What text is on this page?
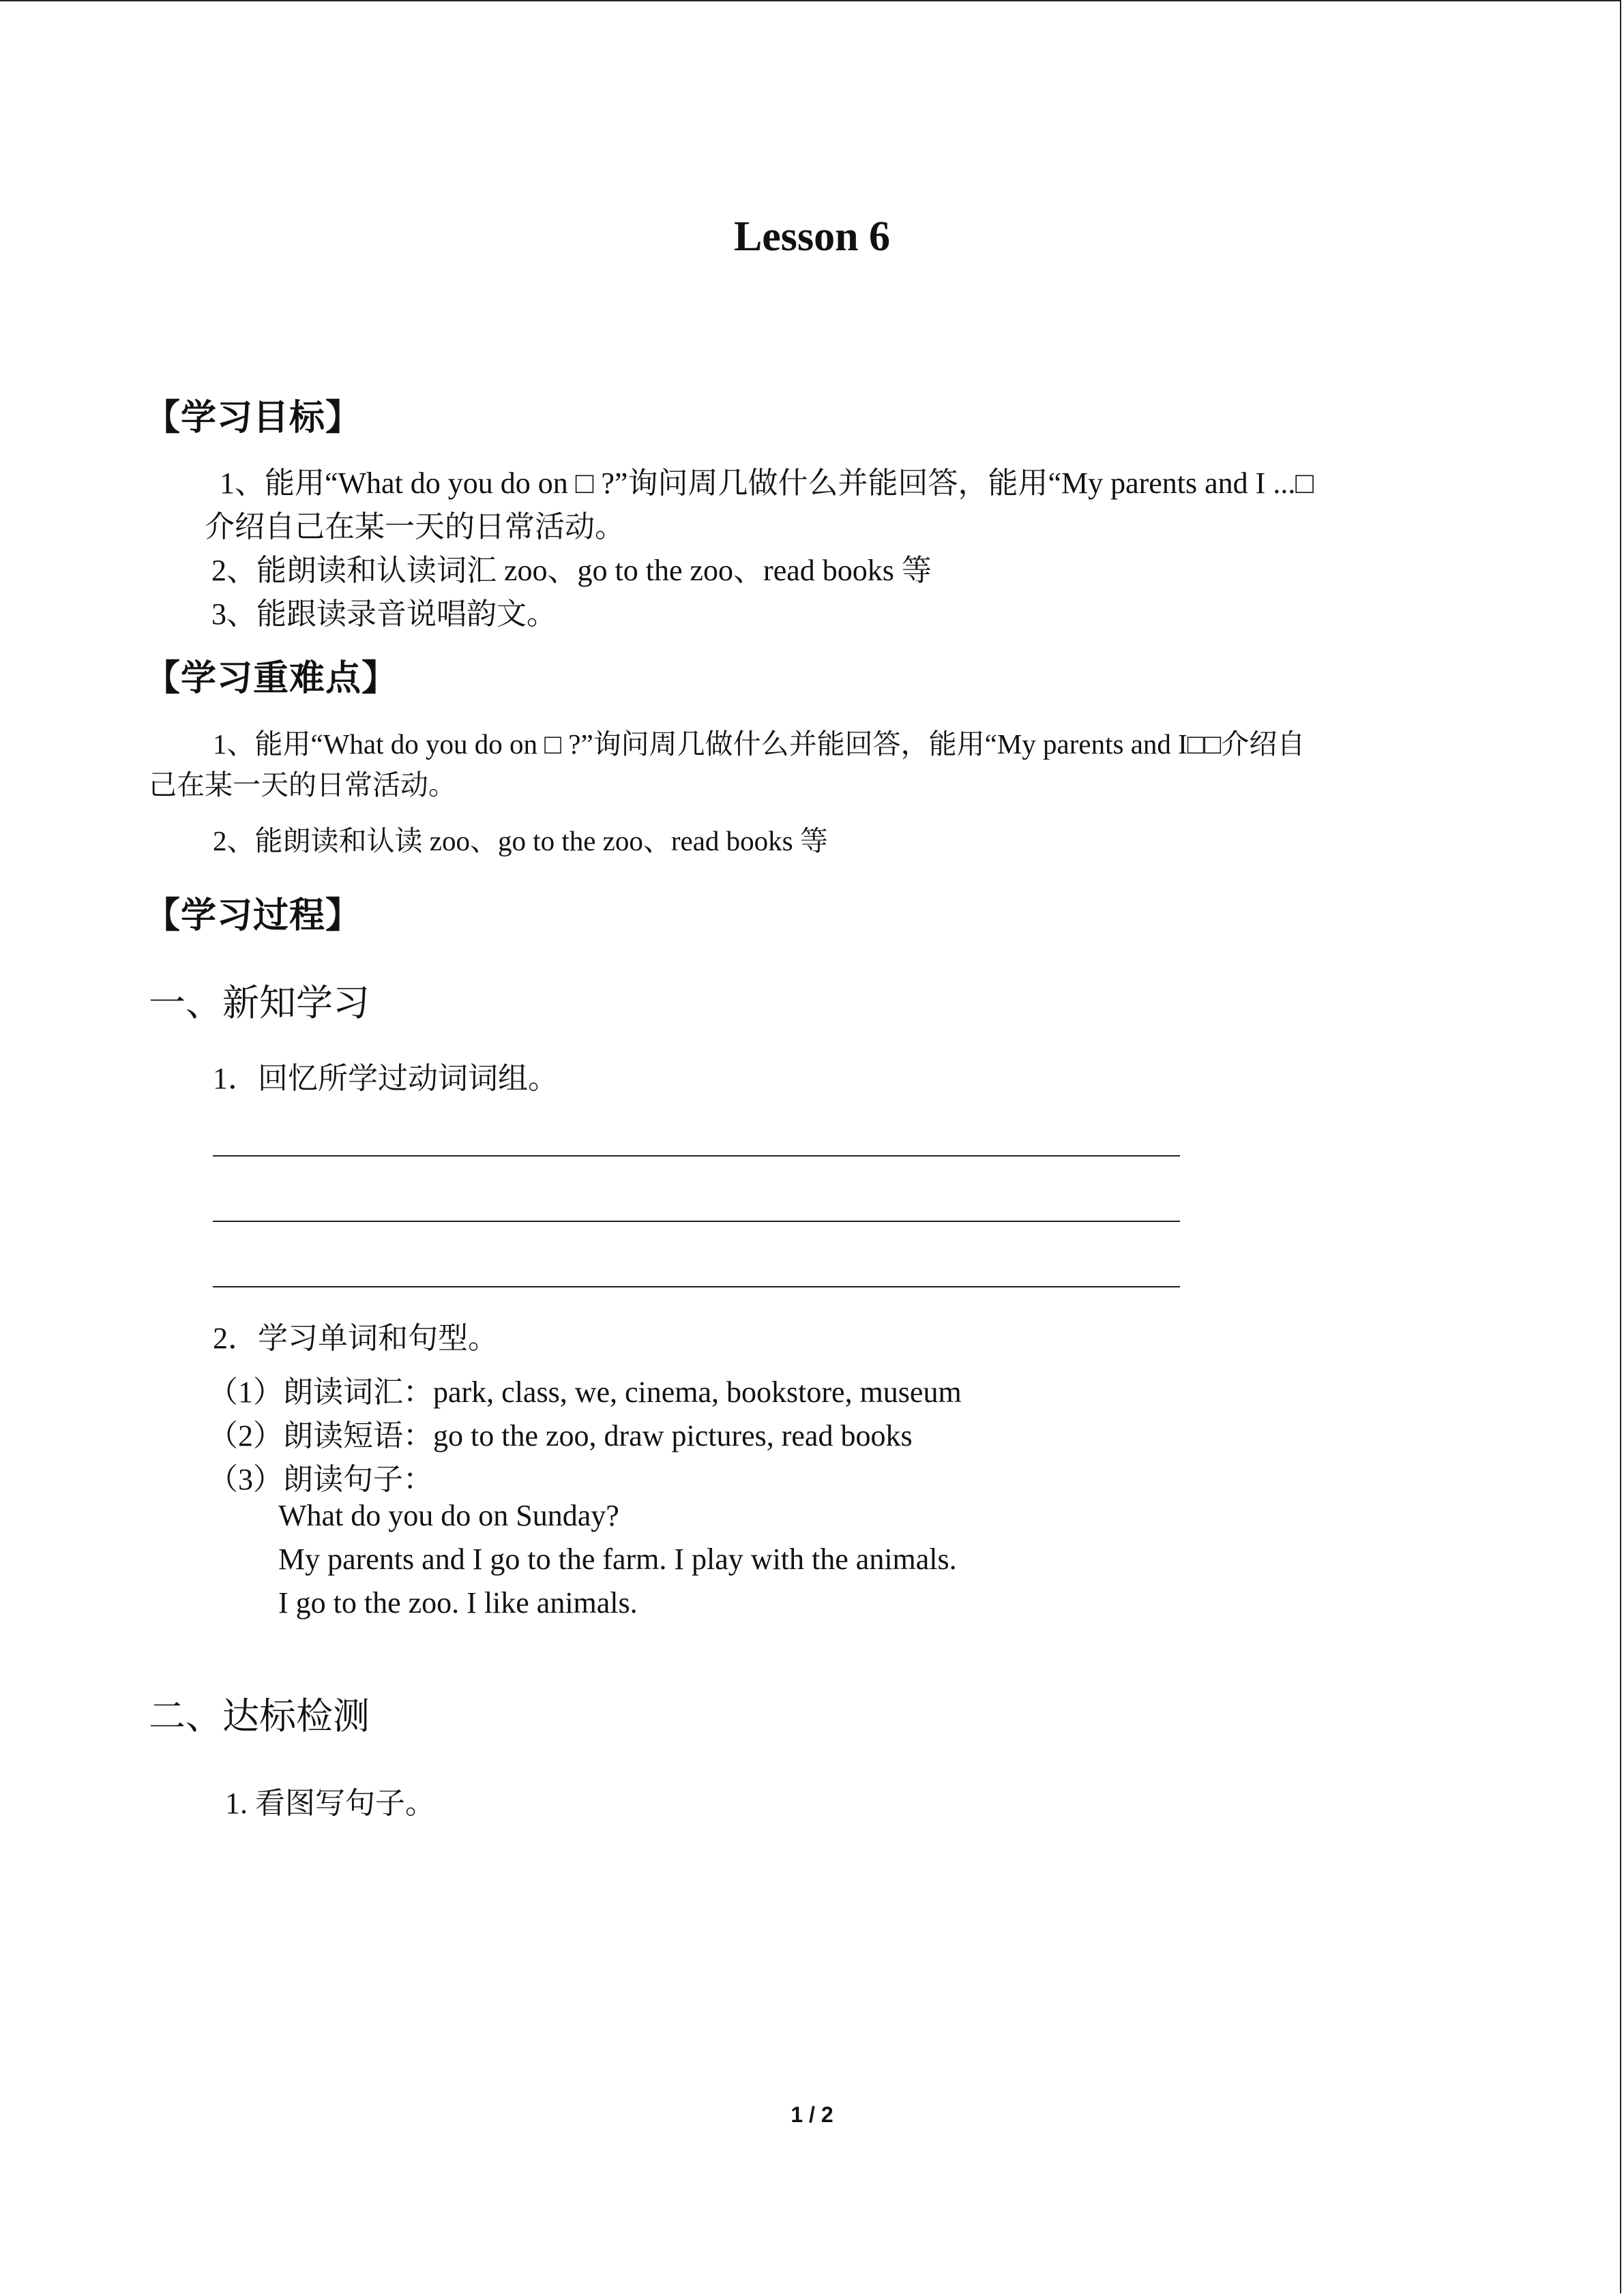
Lesson 6
【学习目标】
1、能用“What do you do on □ ?”询问周几做什么并能回答，能用“My parents and I ...□
介绍自己在某一天的日常活动。
2、能朗读和认读词汇 zoo、go to the zoo、read books 等
3、能跟读录音说唱韵文。
【学习重难点】
1、能用“What do you do on □ ?”询问周几做什么并能回答，能用“My parents and I□□介绍自
己在某一天的日常活动。
2、能朗读和认读 zoo、go to the zoo、read books 等
【学习过程】
一、新知学习
1．回忆所学过动词词组。
2．学习单词和句型。
（1）朗读词汇：park, class, we, cinema, bookstore, museum
（2）朗读短语：go to the zoo, draw pictures, read books
（3）朗读句子：
What do you do on Sunday?
My parents and I go to the farm. I play with the animals.
I go to the zoo. I like animals.
二、达标检测
1. 看图写句子。
1 / 2
